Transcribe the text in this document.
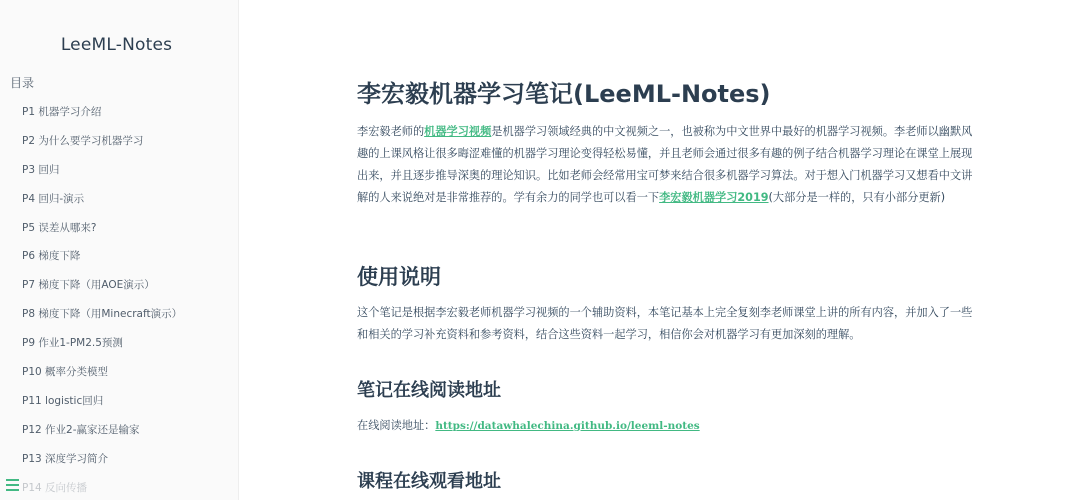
LeeML-Notes
目录
P1 机器学习介绍
P2 为什么要学习机器学习
P3 回归
P4 回归-演示
P5 误差从哪来?
P6 梯度下降
P7 梯度下降（用AOE演示）
P8 梯度下降（用Minecraft演示）
P9 作业1-PM2.5预测
P10 概率分类模型
P11 logistic回归
P12 作业2-赢家还是输家
P13 深度学习简介
P14 反向传播
李宏毅机器学习笔记(LeeML-Notes)

李宏毅老师的机器学习视频是机器学习领域经典的中文视频之一，也被称为中文世界中最好的机器学习视频。李老师以幽默风趣的上课风格让很多晦涩难懂的机器学习理论变得轻松易懂，并且老师会通过很多有趣的例子结合机器学习理论在课堂上展现出来，并且逐步推导深奥的理论知识。比如老师会经常用宝可梦来结合很多机器学习算法。对于想入门机器学习又想看中文讲解的人来说绝对是非常推荐的。学有余力的同学也可以看一下李宏毅机器学习2019(大部分是一样的，只有小部分更新)

使用说明

这个笔记是根据李宏毅老师机器学习视频的一个辅助资料，本笔记基本上完全复刻李老师课堂上讲的所有内容，并加入了一些和相关的学习补充资料和参考资料，结合这些资料一起学习，相信你会对机器学习有更加深刻的理解。

笔记在线阅读地址

在线阅读地址：https://datawhalechina.github.io/leeml-notes

课程在线观看地址
